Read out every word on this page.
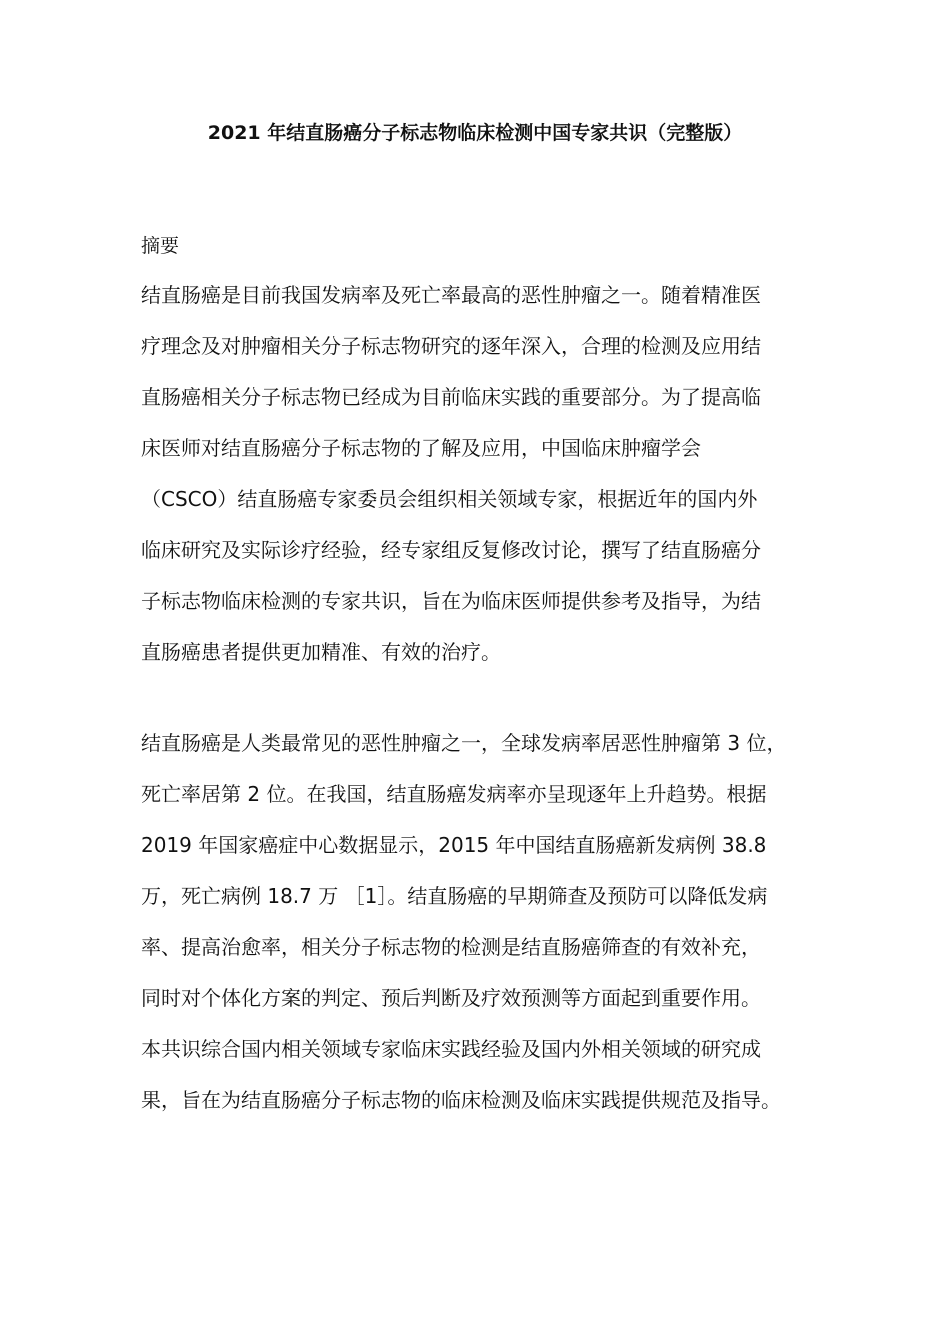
2021 年结直肠癌分子标志物临床检测中国专家共识（完整版）
摘要
结直肠癌是目前我国发病率及死亡率最高的恶性肿瘤之一。随着精准医
疗理念及对肿瘤相关分子标志物研究的逐年深入，合理的检测及应用结
直肠癌相关分子标志物已经成为目前临床实践的重要部分。为了提高临
床医师对结直肠癌分子标志物的了解及应用，中国临床肿瘤学会
（CSCO）结直肠癌专家委员会组织相关领域专家，根据近年的国内外
临床研究及实际诊疗经验，经专家组反复修改讨论，撰写了结直肠癌分
子标志物临床检测的专家共识，旨在为临床医师提供参考及指导，为结
直肠癌患者提供更加精准、有效的治疗。
结直肠癌是人类最常见的恶性肿瘤之一，全球发病率居恶性肿瘤第 3 位，
死亡率居第 2 位。在我国，结直肠癌发病率亦呈现逐年上升趋势。根据
2019 年国家癌症中心数据显示，2015 年中国结直肠癌新发病例 38.8
万，死亡病例 18.7 万 ［1］。结直肠癌的早期筛查及预防可以降低发病
率、提高治愈率，相关分子标志物的检测是结直肠癌筛查的有效补充，
同时对个体化方案的判定、预后判断及疗效预测等方面起到重要作用。
本共识综合国内相关领域专家临床实践经验及国内外相关领域的研究成
果，旨在为结直肠癌分子标志物的临床检测及临床实践提供规范及指导。
